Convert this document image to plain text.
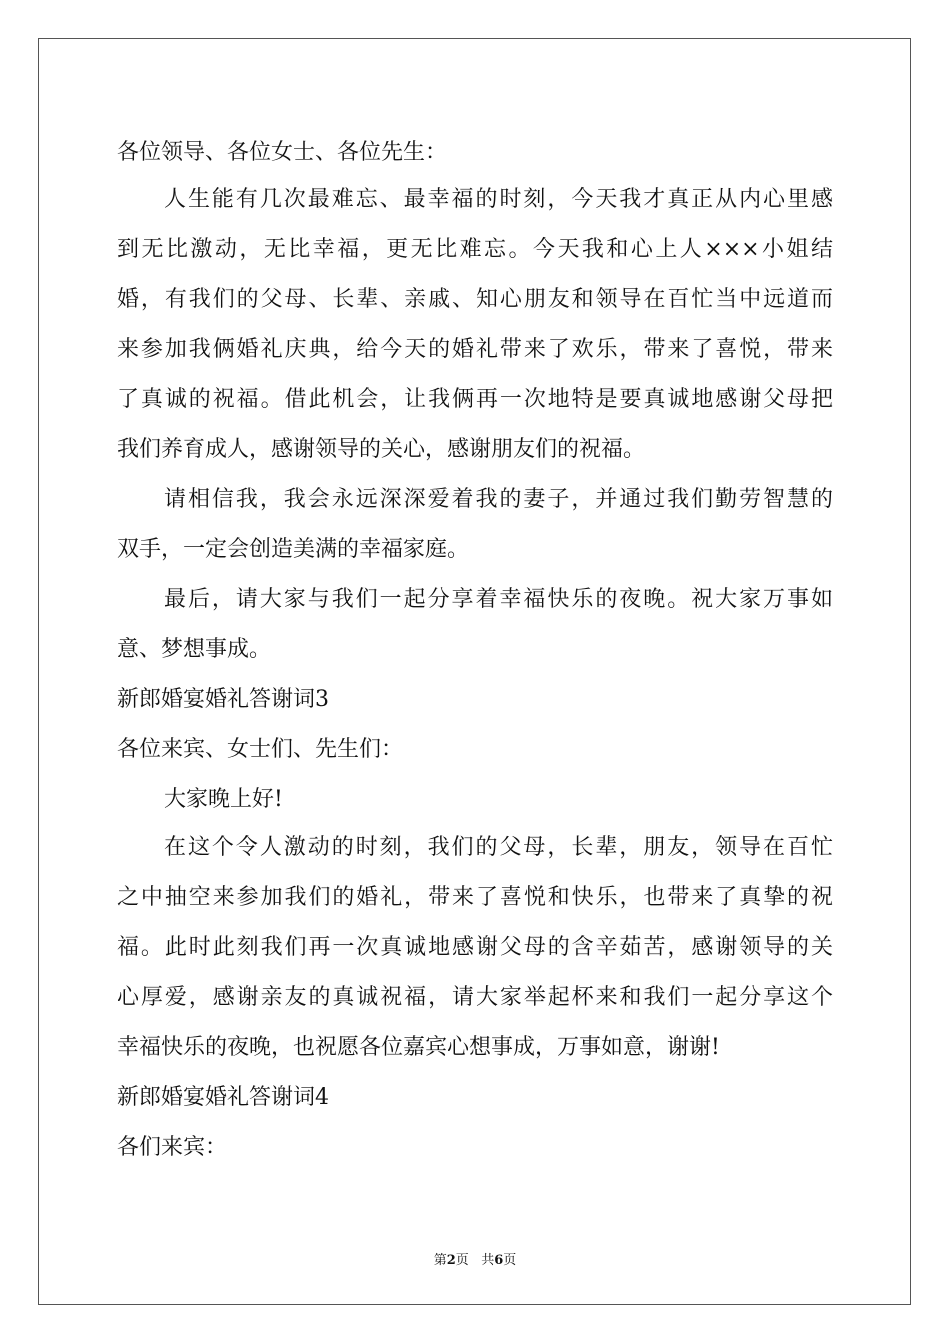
各位领导、各位女士、各位先生：
人生能有几次最难忘、最幸福的时刻，今天我才真正从内心里感
到无比激动，无比幸福，更无比难忘。今天我和心上人×××小姐结
婚，有我们的父母、长辈、亲戚、知心朋友和领导在百忙当中远道而
来参加我俩婚礼庆典，给今天的婚礼带来了欢乐，带来了喜悦，带来
了真诚的祝福。借此机会，让我俩再一次地特是要真诚地感谢父母把
我们养育成人，感谢领导的关心，感谢朋友们的祝福。
请相信我，我会永远深深爱着我的妻子，并通过我们勤劳智慧的
双手，一定会创造美满的幸福家庭。
最后，请大家与我们一起分享着幸福快乐的夜晚。祝大家万事如
意、梦想事成。
新郎婚宴婚礼答谢词3
各位来宾、女士们、先生们：
大家晚上好!
在这个令人激动的时刻，我们的父母，长辈，朋友，领导在百忙
之中抽空来参加我们的婚礼，带来了喜悦和快乐，也带来了真挚的祝
福。此时此刻我们再一次真诚地感谢父母的含辛茹苦，感谢领导的关
心厚爱，感谢亲友的真诚祝福，请大家举起杯来和我们一起分享这个
幸福快乐的夜晚，也祝愿各位嘉宾心想事成，万事如意，谢谢!
新郎婚宴婚礼答谢词4
各们来宾：
第2页 共6页
